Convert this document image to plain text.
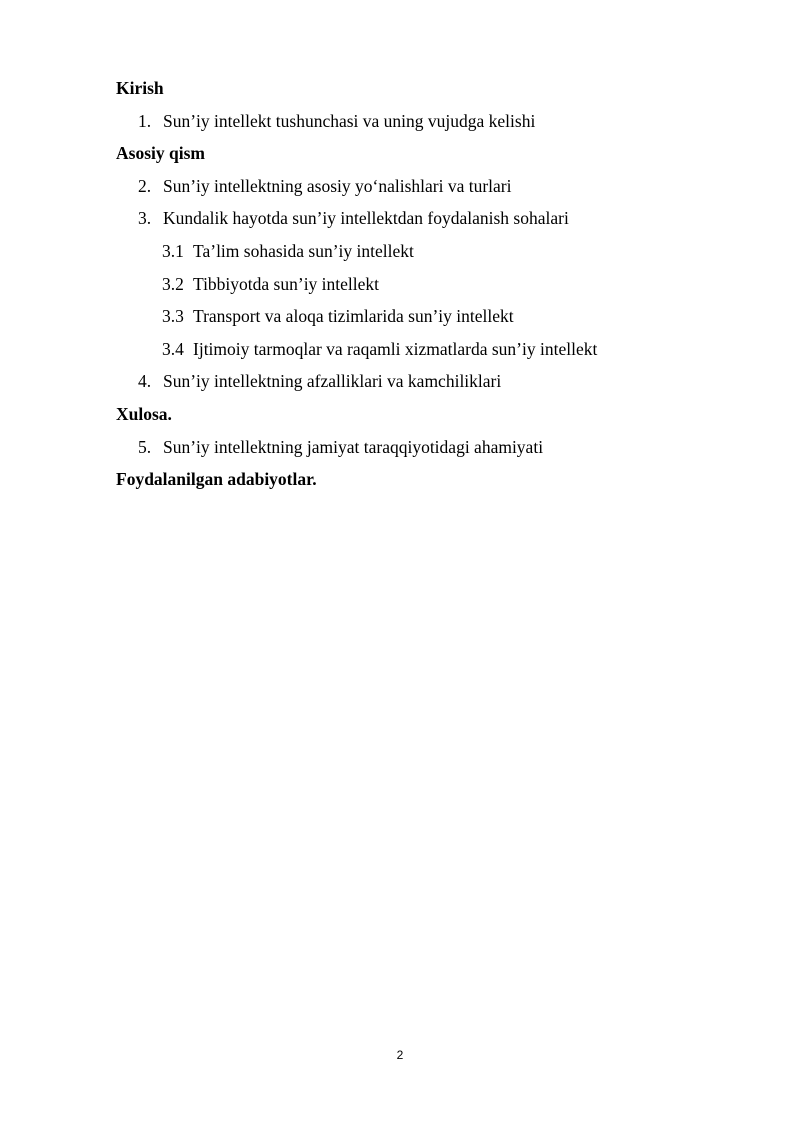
Kirish
1. Sun’iy intellekt tushunchasi va uning vujudga kelishi
Asosiy qism
2. Sun’iy intellektning asosiy yo‘nalishlari va turlari
3. Kundalik hayotda sun’iy intellektdan foydalanish sohalari
3.1 Ta’lim sohasida sun’iy intellekt
3.2 Tibbiyotda sun’iy intellekt
3.3 Transport va aloqa tizimlarida sun’iy intellekt
3.4 Ijtimoiy tarmoqlar va raqamli xizmatlarda sun’iy intellekt
4. Sun’iy intellektning afzalliklari va kamchiliklari
Xulosa.
5. Sun’iy intellektning jamiyat taraqqiyotidagi ahamiyati
Foydalanilgan adabiyotlar.
2
